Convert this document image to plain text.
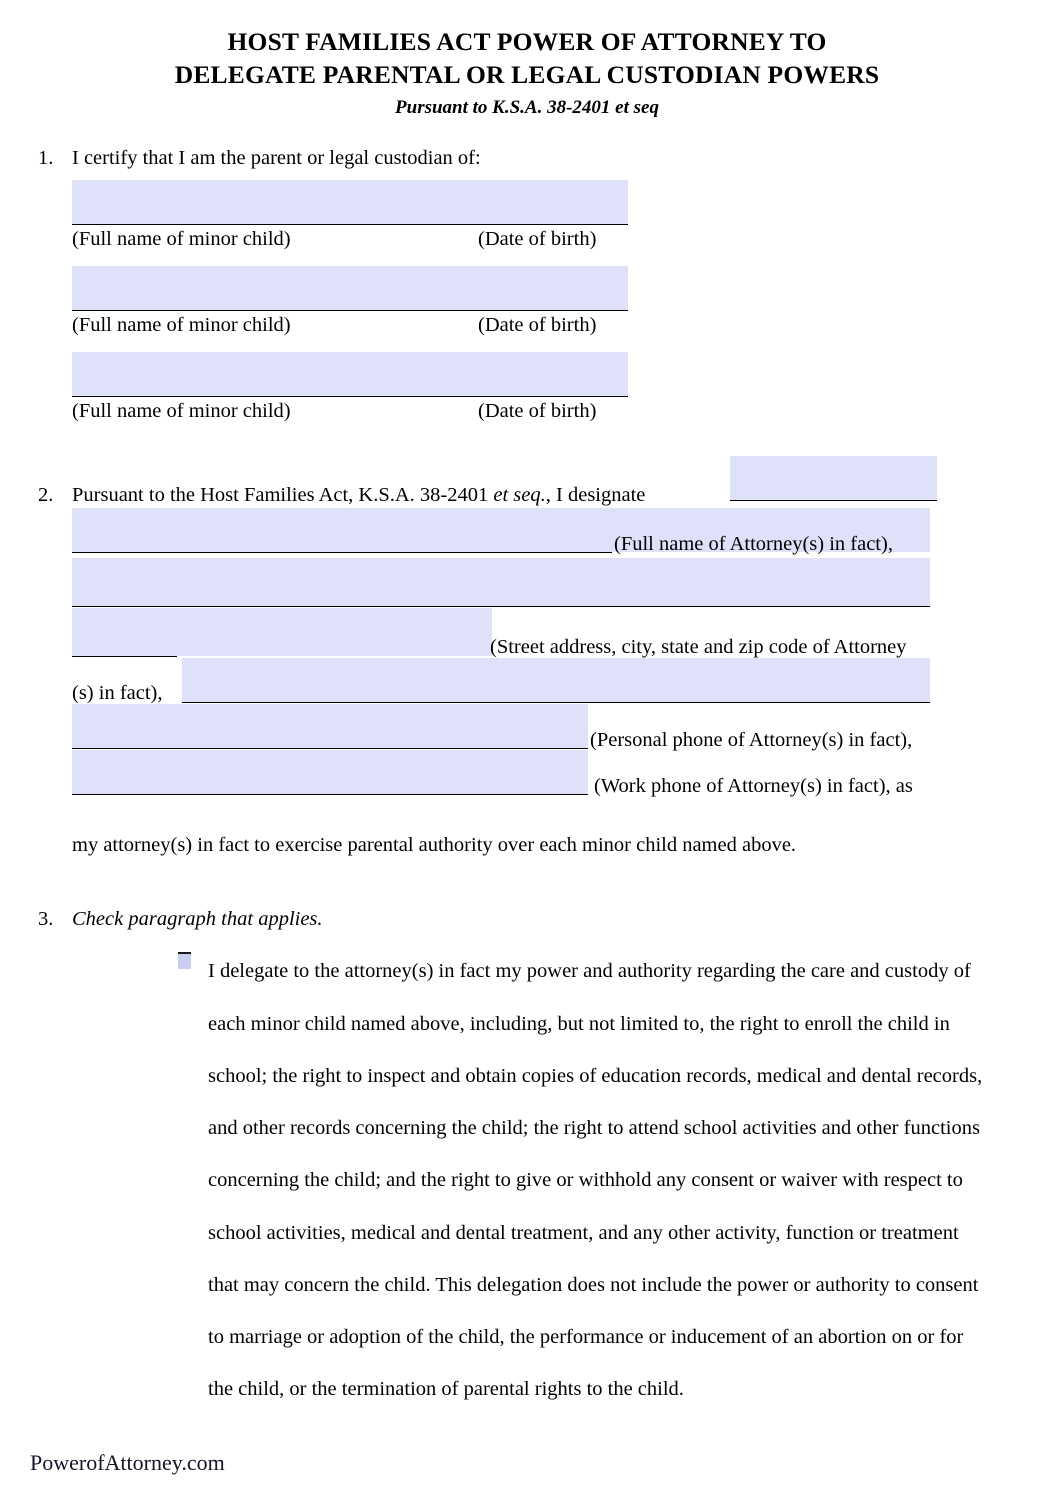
HOST FAMILIES ACT POWER OF ATTORNEY TO
DELEGATE PARENTAL OR LEGAL CUSTODIAN POWERS
Pursuant to K.S.A. 38-2401 et seq
1. I certify that I am the parent or legal custodian of:
(Full name of minor child)	(Date of birth)
(Full name of minor child)	(Date of birth)
(Full name of minor child)	(Date of birth)
2. Pursuant to the Host Families Act, K.S.A. 38-2401 et seq., I designate
(Full name of Attorney(s) in fact),
(Street address, city, state and zip code of Attorney
(s) in fact),
(Personal phone of Attorney(s) in fact),
(Work phone of Attorney(s) in fact), as
my attorney(s) in fact to exercise parental authority over each minor child named above.
3. Check paragraph that applies.
I delegate to the attorney(s) in fact my power and authority regarding the care and custody of each minor child named above, including, but not limited to, the right to enroll the child in school; the right to inspect and obtain copies of education records, medical and dental records, and other records concerning the child; the right to attend school activities and other functions concerning the child; and the right to give or withhold any consent or waiver with respect to school activities, medical and dental treatment, and any other activity, function or treatment that may concern the child. This delegation does not include the power or authority to consent to marriage or adoption of the child, the performance or inducement of an abortion on or for the child, or the termination of parental rights to the child.
PowerofAttorney.com
